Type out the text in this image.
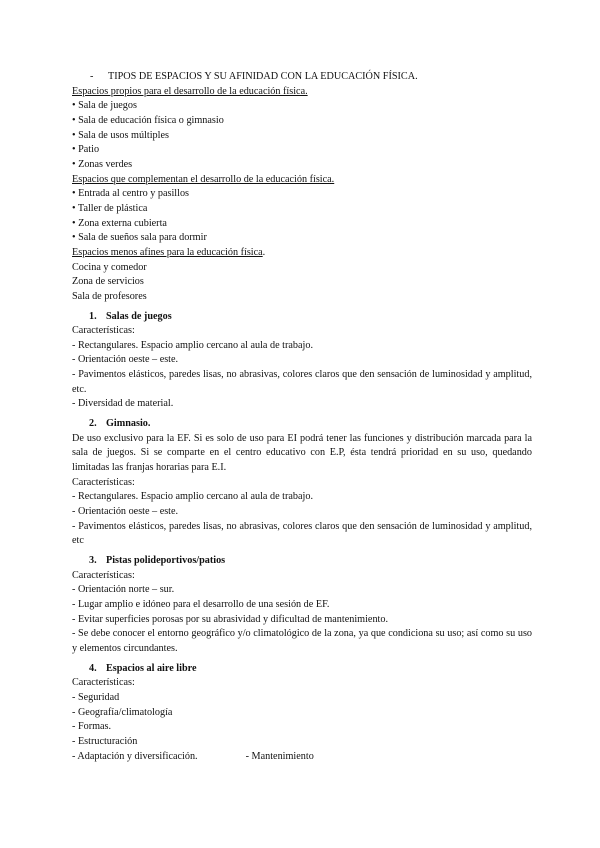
- TIPOS DE ESPACIOS Y SU AFINIDAD CON LA EDUCACIÓN FÍSICA.
Espacios propios para el desarrollo de la educación física.
• Sala de juegos
• Sala de educación física o gimnasio
• Sala de usos múltiples
• Patio
• Zonas verdes
Espacios que complementan el desarrollo de la educación física.
• Entrada al centro y pasillos
• Taller de plástica
• Zona externa cubierta
• Sala de sueños sala para dormir
Espacios menos afines para la educación física.
Cocina y comedor
Zona de servicios
Sala de profesores
1. Salas de juegos
Características:
- Rectangulares. Espacio amplio cercano al aula de trabajo.
- Orientación oeste – este.
- Pavimentos elásticos, paredes lisas, no abrasivas, colores claros que den sensación de luminosidad y amplitud, etc.
- Diversidad de material.
2. Gimnasio.
De uso exclusivo para la EF. Si es solo de uso para EI podrá tener las funciones y distribución marcada para la sala de juegos. Si se comparte en el centro educativo con E.P, ésta tendrá prioridad en su uso, quedando limitadas las franjas horarias para E.I.
Características:
- Rectangulares. Espacio amplio cercano al aula de trabajo.
- Orientación oeste – este.
- Pavimentos elásticos, paredes lisas, no abrasivas, colores claros que den sensación de luminosidad y amplitud, etc
3. Pistas polideportivos/patios
Características:
- Orientación norte – sur.
- Lugar amplio e idóneo para el desarrollo de una sesión de EF.
- Evitar superficies porosas por su abrasividad y dificultad de mantenimiento.
- Se debe conocer el entorno geográfico y/o climatológico de la zona, ya que condiciona su uso; así como su uso y elementos circundantes.
4. Espacios al aire libre
Características:
- Seguridad
- Geografía/climatología
- Formas.
- Estructuración
- Adaptación y diversificación.	- Mantenimiento
